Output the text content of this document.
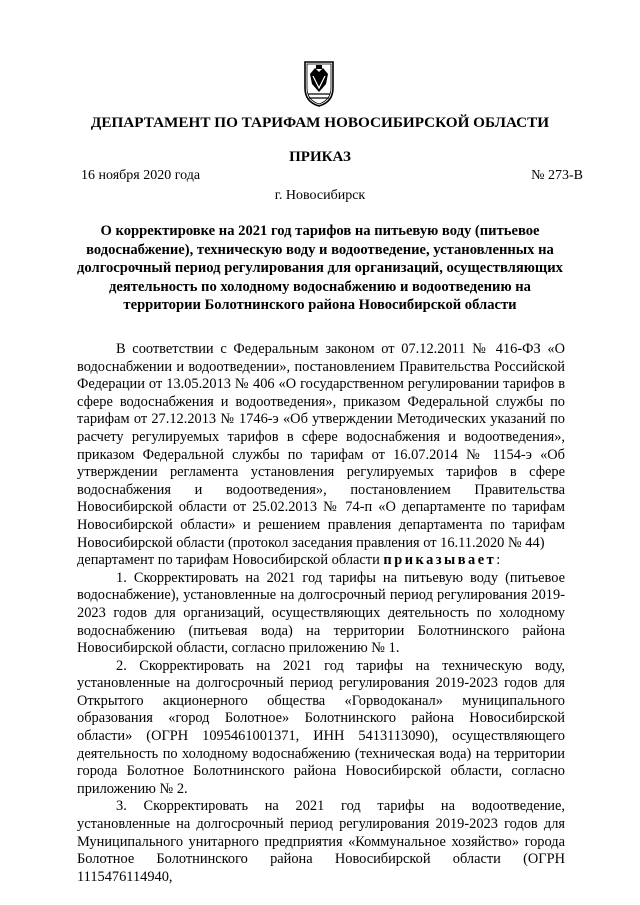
ДЕПАРТАМЕНТ ПО ТАРИФАМ НОВОСИБИРСКОЙ ОБЛАСТИ
ПРИКАЗ
16 ноября 2020 года	№ 273-В
г. Новосибирск
О корректировке на 2021 год тарифов на питьевую воду (питьевое водоснабжение), техническую воду и водоотведение, установленных на долгосрочный период регулирования для организаций, осуществляющих деятельность по холодному водоснабжению и водоотведению на территории Болотнинского района Новосибирской области

В соответствии с Федеральным законом от 07.12.2011 № 416-ФЗ «О водоснабжении и водоотведении», постановлением Правительства Российской Федерации от 13.05.2013 № 406 «О государственном регулировании тарифов в сфере водоснабжения и водоотведения», приказом Федеральной службы по тарифам от 27.12.2013 № 1746-э «Об утверждении Методических указаний по расчету регулируемых тарифов в сфере водоснабжения и водоотведения», приказом Федеральной службы по тарифам от 16.07.2014 № 1154-э «Об утверждении регламента установления регулируемых тарифов в сфере водоснабжения и водоотведения», постановлением Правительства Новосибирской области от 25.02.2013 № 74-п «О департаменте по тарифам Новосибирской области» и решением правления департамента по тарифам Новосибирской области (протокол заседания правления от 16.11.2020 № 44)

департамент по тарифам Новосибирской области приказывает:

1. Скорректировать на 2021 год тарифы на питьевую воду (питьевое водоснабжение), установленные на долгосрочный период регулирования 2019-2023 годов для организаций, осуществляющих деятельность по холодному водоснабжению (питьевая вода) на территории Болотнинского района Новосибирской области, согласно приложению № 1.

2. Скорректировать на 2021 год тарифы на техническую воду, установленные на долгосрочный период регулирования 2019-2023 годов для Открытого акционерного общества «Горводоканал» муниципального образования «город Болотное» Болотнинского района Новосибирской области» (ОГРН 1095461001371, ИНН 5413113090), осуществляющего деятельность по холодному водоснабжению (техническая вода) на территории города Болотное Болотнинского района Новосибирской области, согласно приложению № 2.

3. Скорректировать на 2021 год тарифы на водоотведение, установленные на долгосрочный период регулирования 2019-2023 годов для Муниципального унитарного предприятия «Коммунальное хозяйство» города Болотное Болотнинского района Новосибирской области (ОГРН 1115476114940,
